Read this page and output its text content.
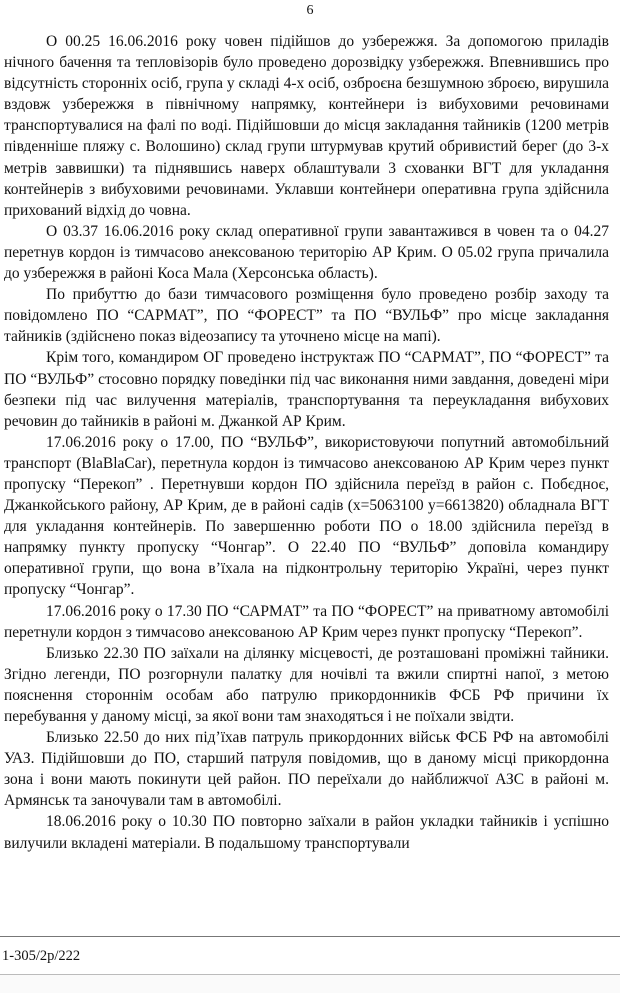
6

О 00.25 16.06.2016 року човен підійшов до узбережжя. За допомогою приладів нічного бачення та тепловізорів було проведено дорозвідку узбережжя. Впевнившись про відсутність сторонніх осіб, група у складі 4-х осіб, озброєна безшумною зброєю, вирушила вздовж узбережжя в північному напрямку, контейнери із вибуховими речовинами транспортувалися на фалі по воді. Підійшовши до місця закладання тайників (1200 метрів південніше пляжу с. Волошино) склад групи штурмував крутий обривистий берег (до 3-х метрів заввишки) та піднявшись наверх облаштували 3 схованки ВГТ для укладання контейнерів з вибуховими речовинами. Уклавши контейнери оперативна група здійснила прихований відхід до човна.

О 03.37 16.06.2016 року склад оперативної групи завантажився в човен та о 04.27 перетнув кордон із тимчасово анексованою територію АР Крим. О 05.02 група причалила до узбережжя в районі Коса Мала (Херсонська область).

По прибуттю до бази тимчасового розміщення було проведено розбір заходу та повідомлено ПО “САРМАТ”, ПО “ФОРЕСТ” та ПО “ВУЛЬФ” про місце закладання тайників (здійснено показ відеозапису та уточнено місце на мапі).

Крім того, командиром ОГ проведено інструктаж ПО “САРМАТ”, ПО “ФОРЕСТ” та ПО “ВУЛЬФ” стосовно порядку поведінки під час виконання ними завдання, доведені міри безпеки під час вилучення матеріалів, транспортування та переукладання вибухових речовин до тайників в районі м. Джанкой АР Крим.

17.06.2016 року о 17.00, ПО “ВУЛЬФ”, використовуючи попутний автомобільний транспорт (BlaBlaCar), перетнула кордон із тимчасово анексованою АР Крим через пункт пропуску “Перекоп” . Перетнувши кордон ПО здійснила переїзд в район с. Побєдноє, Джанкойського району, АР Крим, де в районі садів (x=5063100 y=6613820) обладнала ВГТ для укладання контейнерів. По завершенню роботи ПО о 18.00 здійснила переїзд в напрямку пункту пропуску “Чонгар”. О 22.40 ПО “ВУЛЬФ” доповіла командиру оперативної групи, що вона в’їхала на підконтрольну територію Україні, через пункт пропуску “Чонгар”.

17.06.2016 року о 17.30 ПО “САРМАТ” та ПО “ФОРЕСТ” на приватному автомобілі перетнули кордон з тимчасово анексованою АР Крим через пункт пропуску “Перекоп”.

Близько 22.30 ПО заїхали на ділянку місцевості, де розташовані проміжні тайники. Згідно легенди, ПО розгорнули палатку для ночівлі та вжили спиртні напої, з метою пояснення стороннім особам або патрулю прикордонників ФСБ РФ причини їх перебування у даному місці, за якої вони там знаходяться і не поїхали звідти.

Близько 22.50 до них під’їхав патруль прикордонних військ ФСБ РФ на автомобілі УАЗ. Підійшовши до ПО, старший патруля повідомив, що в даному місці прикордонна зона і вони мають покинути цей район. ПО переїхали до найближчої АЗС в районі м. Армянськ та заночували там в автомобілі.

18.06.2016 року о 10.30 ПО повторно заїхали в район укладки тайників і успішно вилучили вкладені матеріали. В подальшому транспортували

1-305/2р/222
